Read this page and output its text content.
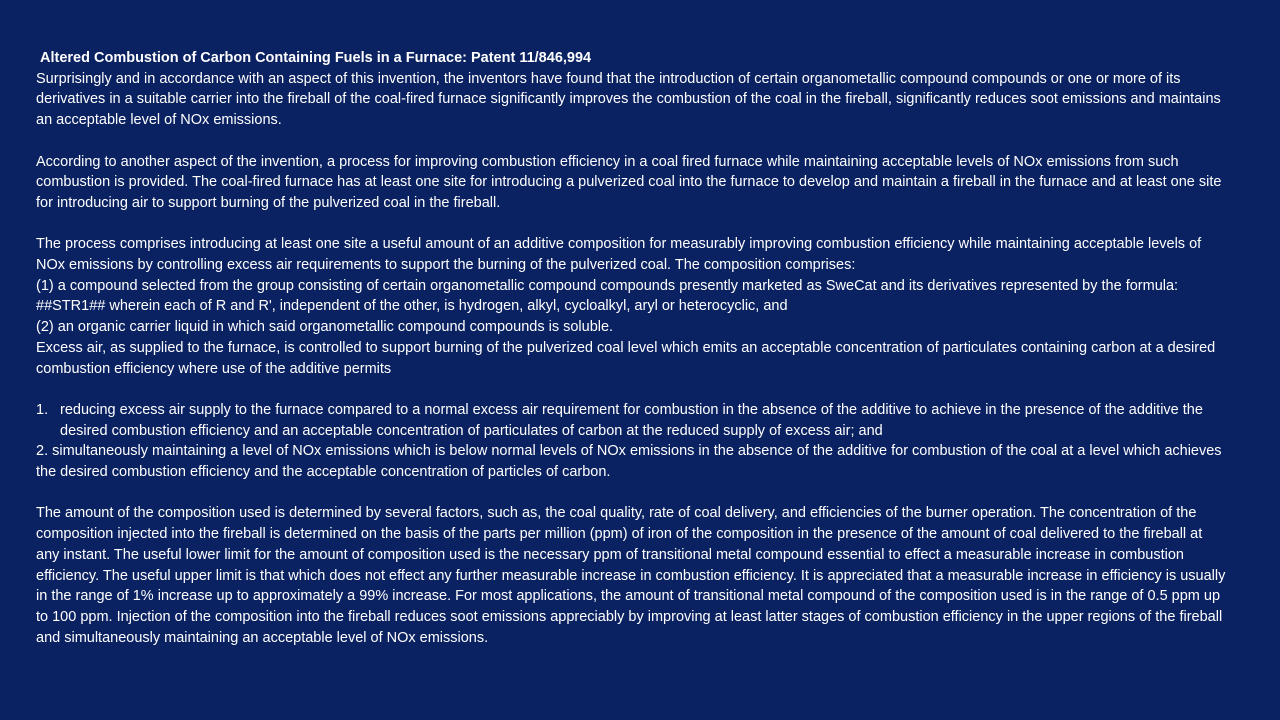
Altered Combustion of Carbon Containing Fuels in a Furnace: Patent 11/846,994

Surprisingly and in accordance with an aspect of this invention, the inventors have found that the introduction of certain organometallic compound compounds or one or more of its derivatives in a suitable carrier into the fireball of the coal-fired furnace significantly improves the combustion of the coal in the fireball, significantly reduces soot emissions and maintains an acceptable level of NOx emissions.

According to another aspect of the invention, a process for improving combustion efficiency in a coal fired furnace while maintaining acceptable levels of NOx emissions from such combustion is provided. The coal-fired furnace has at least one site for introducing a pulverized coal into the furnace to develop and maintain a fireball in the furnace and at least one site for introducing air to support burning of the pulverized coal in the fireball.

The process comprises introducing at least one site a useful amount of an additive composition for measurably improving combustion efficiency while maintaining acceptable levels of NOx emissions by controlling excess air requirements to support the burning of the pulverized coal. The composition comprises:

(1) a compound selected from the group consisting of certain organometallic compound compounds presently marketed as SweCat and its derivatives represented by the formula: ##STR1## wherein each of R and R', independent of the other, is hydrogen, alkyl, cycloalkyl, aryl or heterocyclic, and

(2) an organic carrier liquid in which said organometallic compound compounds is soluble.

Excess air, as supplied to the furnace, is controlled to support burning of the pulverized coal level which emits an acceptable concentration of particulates containing carbon at a desired combustion efficiency where use of the additive permits

1. reducing excess air supply to the furnace compared to a normal excess air requirement for combustion in the absence of the additive to achieve in the presence of the additive the desired combustion efficiency and an acceptable concentration of particulates of carbon at the reduced supply of excess air; and

2. simultaneously maintaining a level of NOx emissions which is below normal levels of NOx emissions in the absence of the additive for combustion of the coal at a level which achieves the desired combustion efficiency and the acceptable concentration of particles of carbon.

The amount of the composition used is determined by several factors, such as, the coal quality, rate of coal delivery, and efficiencies of the burner operation. The concentration of the composition injected into the fireball is determined on the basis of the parts per million (ppm) of iron of the composition in the presence of the amount of coal delivered to the fireball at any instant. The useful lower limit for the amount of composition used is the necessary ppm of transitional metal compound essential to effect a measurable increase in combustion efficiency. The useful upper limit is that which does not effect any further measurable increase in combustion efficiency. It is appreciated that a measurable increase in efficiency is usually in the range of 1% increase up to approximately a 99% increase. For most applications, the amount of transitional metal compound of the composition used is in the range of 0.5 ppm up to 100 ppm. Injection of the composition into the fireball reduces soot emissions appreciably by improving at least latter stages of combustion efficiency in the upper regions of the fireball and simultaneously maintaining an acceptable level of NOx emissions.
